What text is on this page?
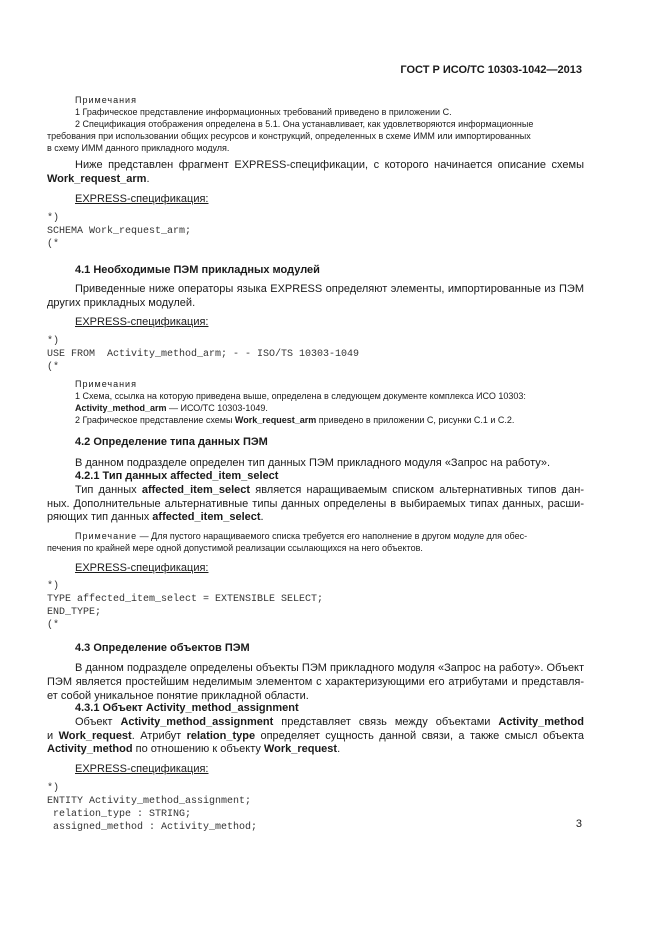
ГОСТ Р ИСО/ТС 10303-1042—2013

Примечания

1 Графическое представление информационных требований приведено в приложении С.

2 Спецификация отображения определена в 5.1. Она устанавливает, как удовлетворяются информационные

требования при использовании общих ресурсов и конструкций, определенных в схеме ИММ или импортированных

в схему ИММ данного прикладного модуля.

Ниже представлен фрагмент EXPRESS-спецификации, с которого начинается описание схемы

Work_request_arm.

EXPRESS-спецификация:

*)
SCHEMA Work_request_arm;
(*

4.1 Необходимые ПЭМ прикладных модулей

Приведенные ниже операторы языка EXPRESS определяют элементы, импортированные из ПЭМ

других прикладных модулей.

EXPRESS-спецификация:

*)
USE FROM  Activity_method_arm; - - ISO/TS 10303-1049
(*

Примечания

1 Схема, ссылка на которую приведена выше, определена в следующем документе комплекса ИСО 10303:

Activity_method_arm — ИСО/ТС 10303-1049.

2 Графическое представление схемы Work_request_arm приведено в приложении С, рисунки С.1 и С.2.

4.2 Определение типа данных ПЭМ

В данном подразделе определен тип данных ПЭМ прикладного модуля «Запрос на работу».

4.2.1 Тип данных affected_item_select

Тип данных affected_item_select является наращиваемым списком альтернативных типов дан-

ных. Дополнительные альтернативные типы данных определены в выбираемых типах данных, расши-

ряющих тип данных affected_item_select.

Примечание — Для пустого наращиваемого списка требуется его наполнение в другом модуле для обес-

печения по крайней мере одной допустимой реализации ссылающихся на него объектов.

EXPRESS-спецификация:

*)
TYPE affected_item_select = EXTENSIBLE SELECT;
END_TYPE;
(*

4.3 Определение объектов ПЭМ

В данном подразделе определены объекты ПЭМ прикладного модуля «Запрос на работу». Объект

ПЭМ является простейшим неделимым элементом с характеризующими его атрибутами и представля-

ет собой уникальное понятие прикладной области.

4.3.1 Объект Activity_method_assignment

Объект Activity_method_assignment представляет связь между объектами Activity_method

и Work_request. Атрибут relation_type определяет сущность данной связи, а также смысл объекта

Activity_method по отношению к объекту Work_request.

EXPRESS-спецификация:

*)
ENTITY Activity_method_assignment;
relation_type : STRING;
assigned_method : Activity_method;	3
